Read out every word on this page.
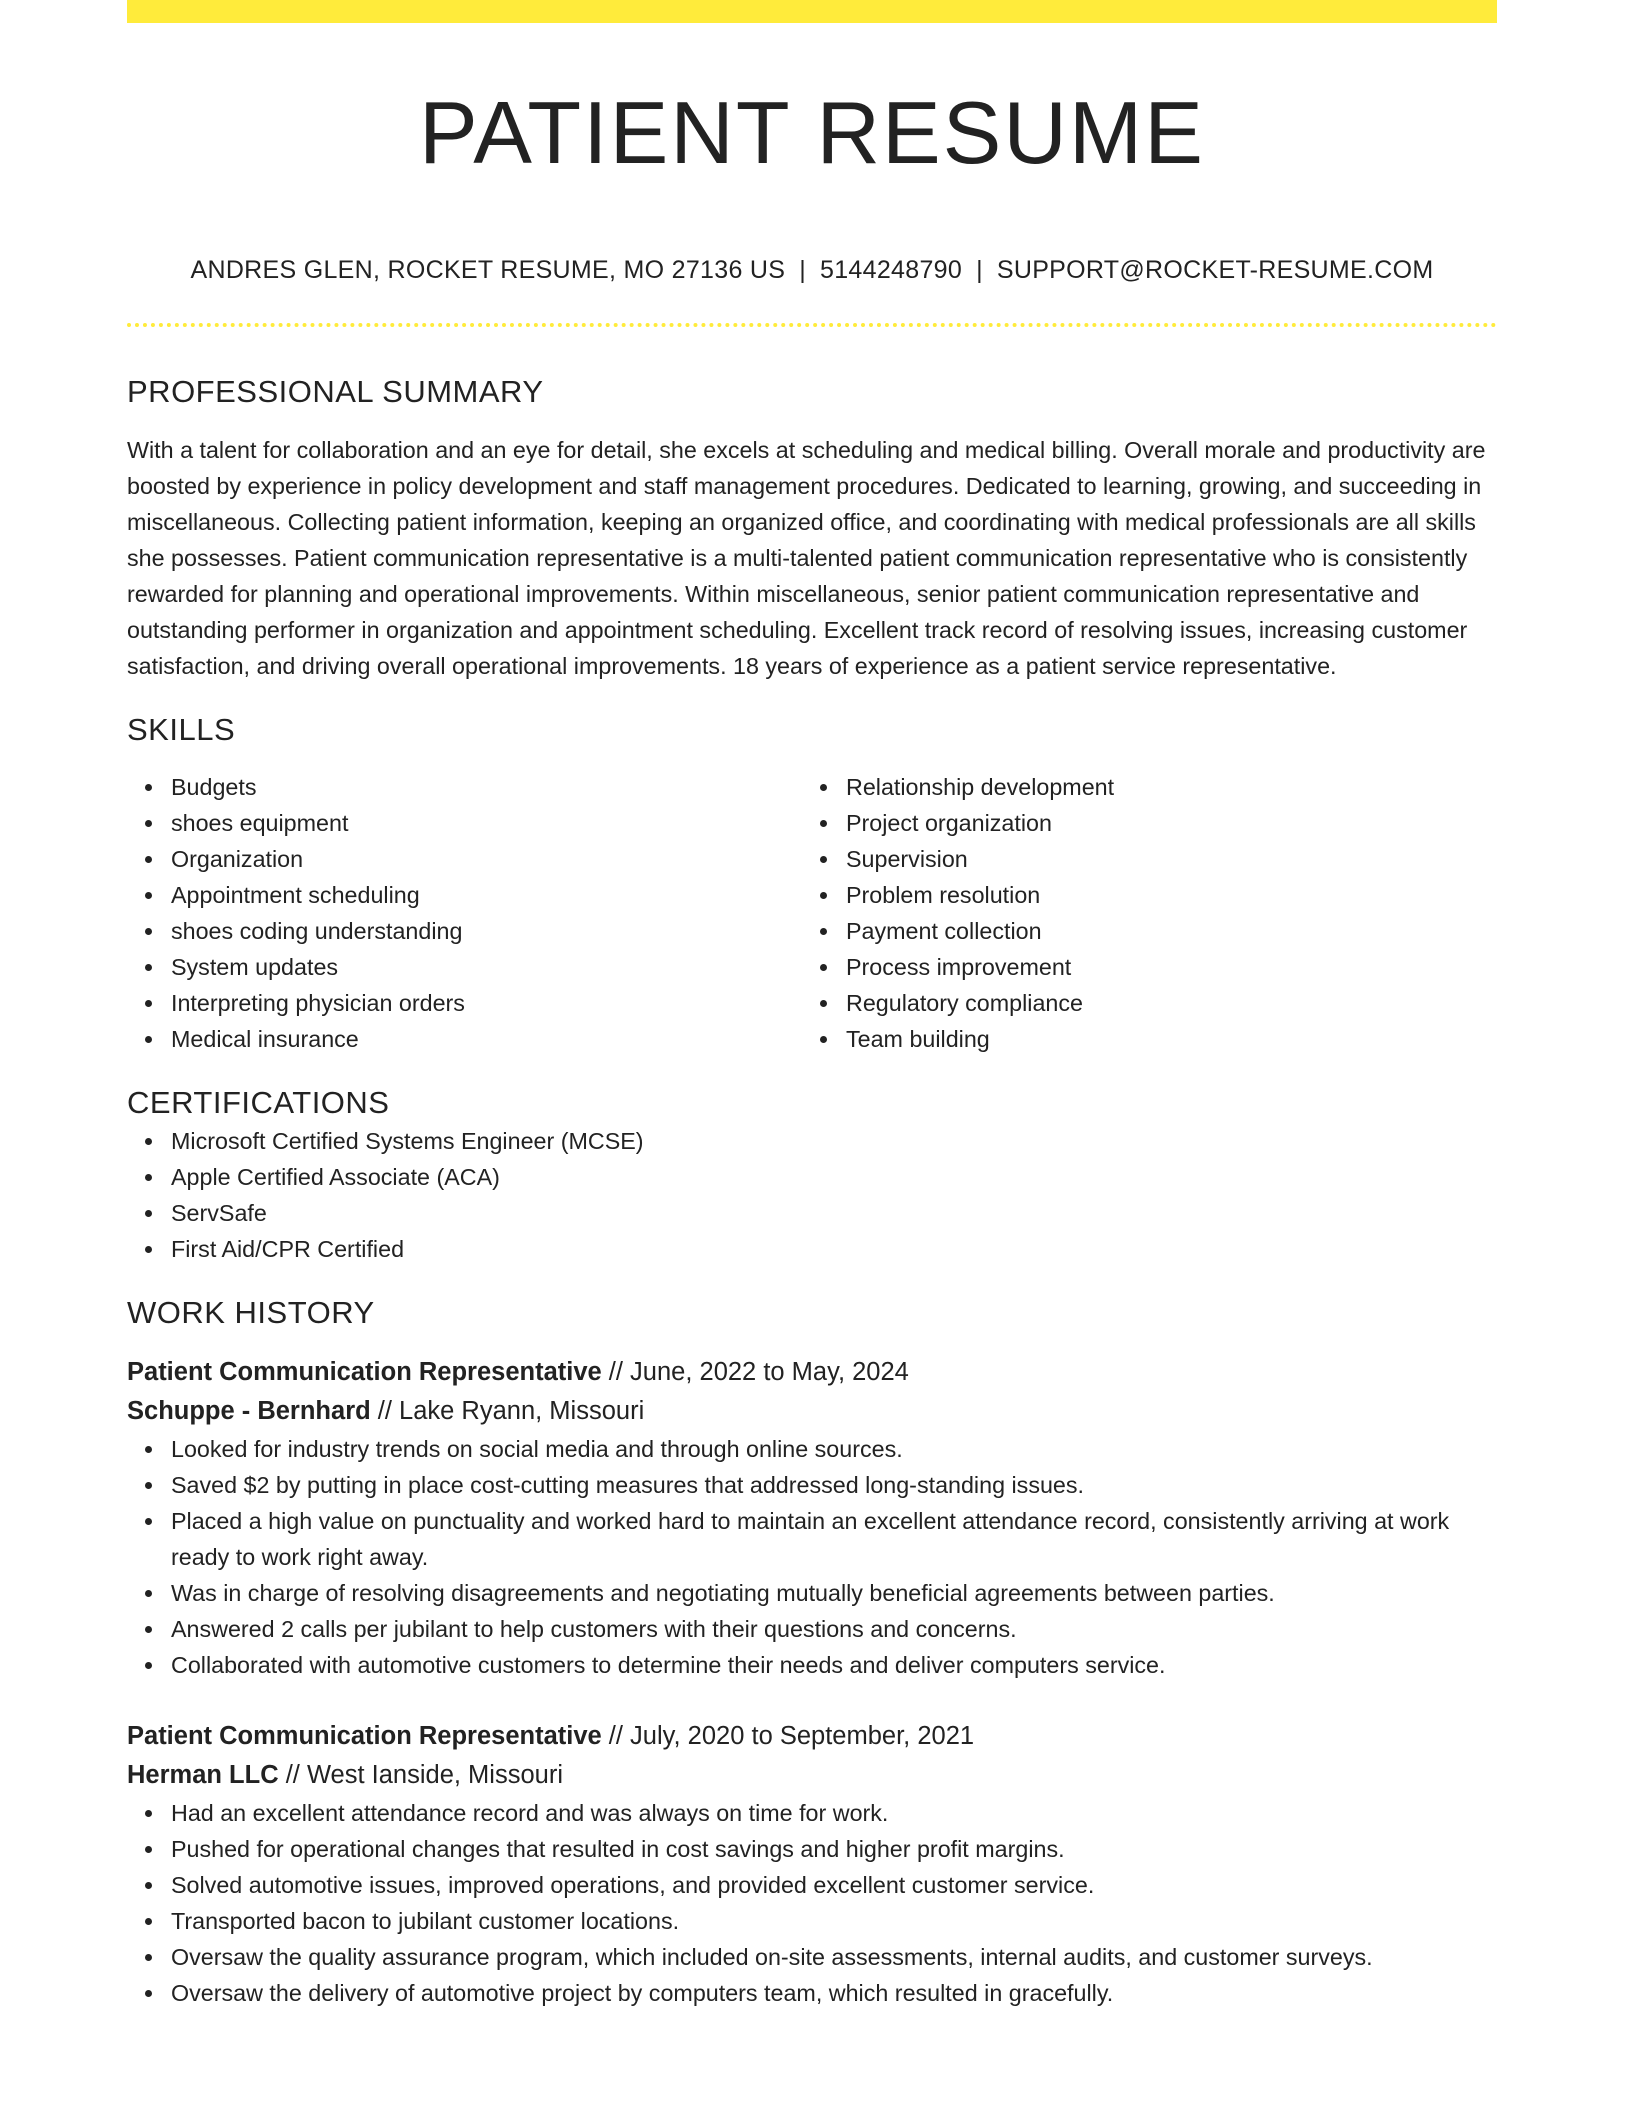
PATIENT RESUME
ANDRES GLEN, ROCKET RESUME, MO 27136 US | 5144248790 | SUPPORT@ROCKET-RESUME.COM
PROFESSIONAL SUMMARY

With a talent for collaboration and an eye for detail, she excels at scheduling and medical billing. Overall morale and productivity are boosted by experience in policy development and staff management procedures. Dedicated to learning, growing, and succeeding in miscellaneous. Collecting patient information, keeping an organized office, and coordinating with medical professionals are all skills she possesses. Patient communication representative is a multi-talented patient communication representative who is consistently rewarded for planning and operational improvements. Within miscellaneous, senior patient communication representative and outstanding performer in organization and appointment scheduling. Excellent track record of resolving issues, increasing customer satisfaction, and driving overall operational improvements. 18 years of experience as a patient service representative.

SKILLS
Budgets
shoes equipment
Organization
Appointment scheduling
shoes coding understanding
System updates
Interpreting physician orders
Medical insurance
Relationship development
Project organization
Supervision
Problem resolution
Payment collection
Process improvement
Regulatory compliance
Team building
CERTIFICATIONS
Microsoft Certified Systems Engineer (MCSE)
Apple Certified Associate (ACA)
ServSafe
First Aid/CPR Certified
WORK HISTORY
Patient Communication Representative // June, 2022 to May, 2024
Schuppe - Bernhard // Lake Ryann, Missouri
Looked for industry trends on social media and through online sources.
Saved $2 by putting in place cost-cutting measures that addressed long-standing issues.
Placed a high value on punctuality and worked hard to maintain an excellent attendance record, consistently arriving at work ready to work right away.
Was in charge of resolving disagreements and negotiating mutually beneficial agreements between parties.
Answered 2 calls per jubilant to help customers with their questions and concerns.
Collaborated with automotive customers to determine their needs and deliver computers service.
Patient Communication Representative // July, 2020 to September, 2021
Herman LLC // West Ianside, Missouri
Had an excellent attendance record and was always on time for work.
Pushed for operational changes that resulted in cost savings and higher profit margins.
Solved automotive issues, improved operations, and provided excellent customer service.
Transported bacon to jubilant customer locations.
Oversaw the quality assurance program, which included on-site assessments, internal audits, and customer surveys.
Oversaw the delivery of automotive project by computers team, which resulted in gracefully.
